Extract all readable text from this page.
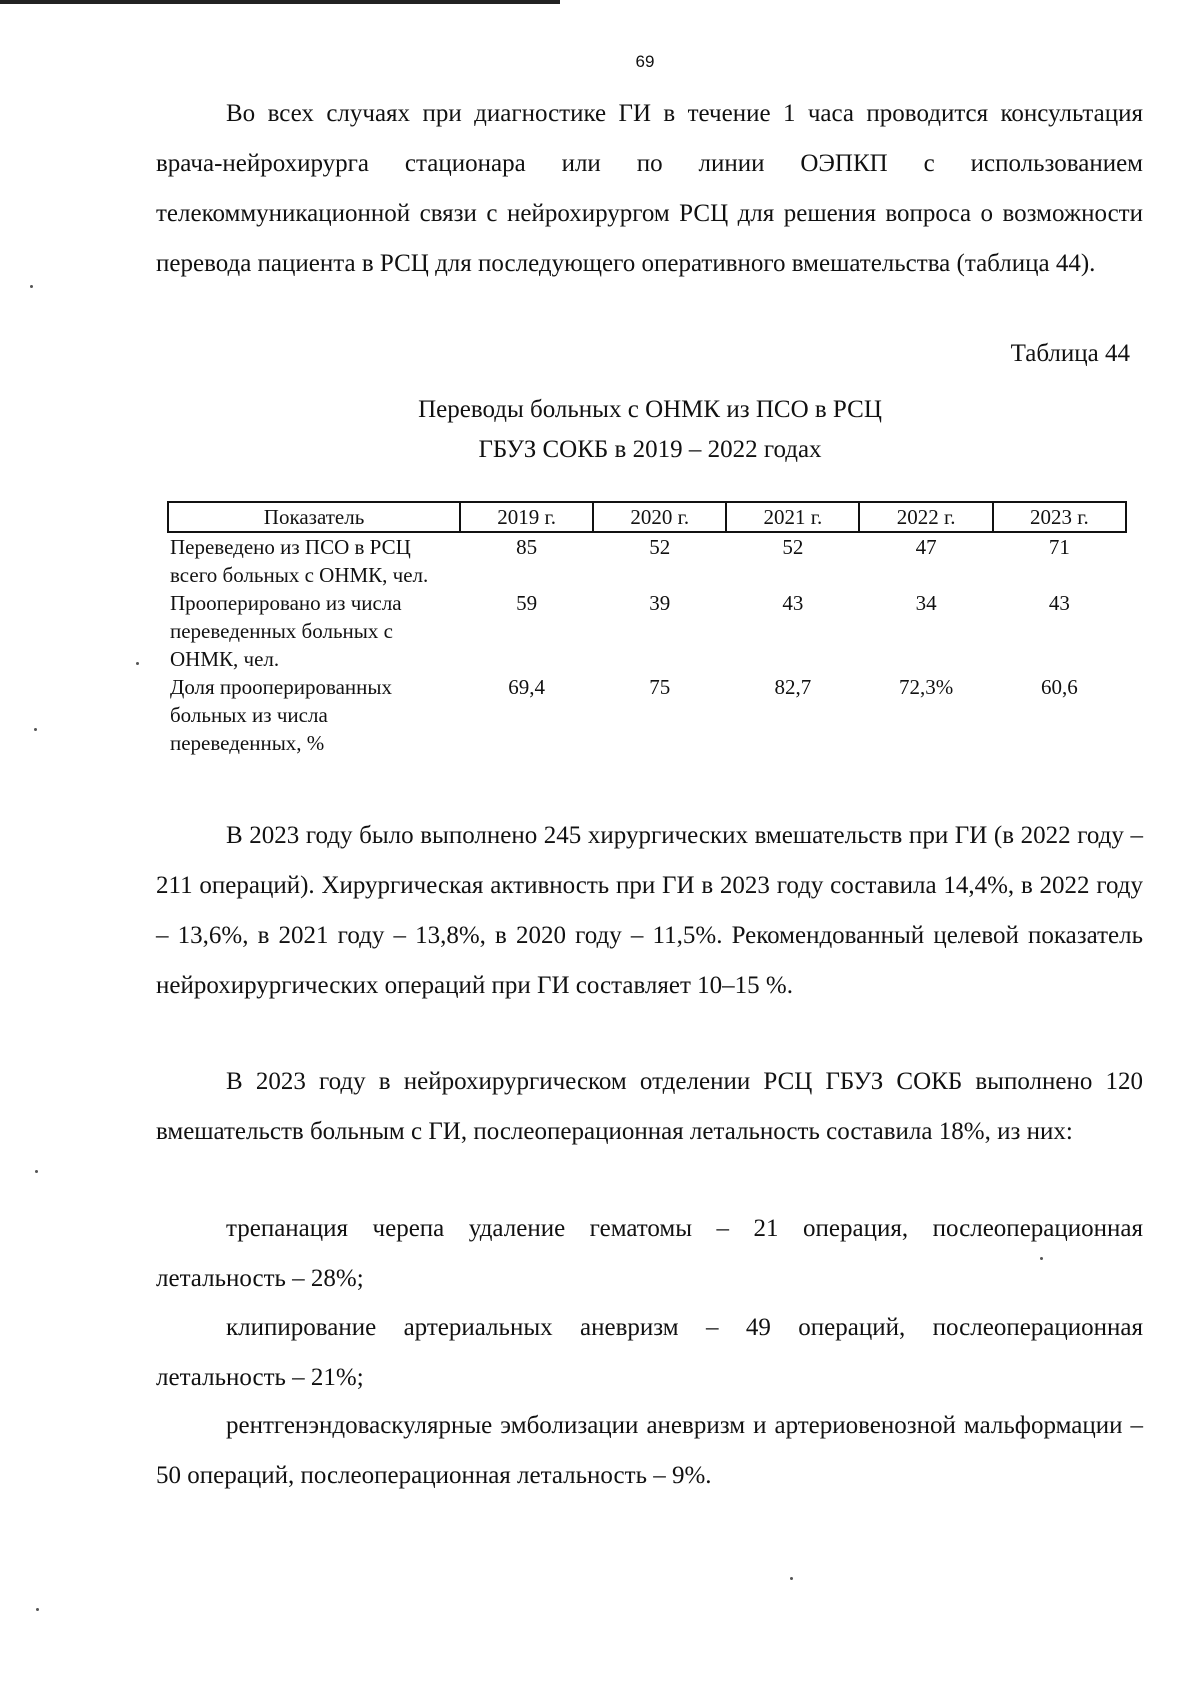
69

Во всех случаях при диагностике ГИ в течение 1 часа проводится консультация врача-нейрохирурга стационара или по линии ОЭПКП с использованием телекоммуникационной связи с нейрохирургом РСЦ для решения вопроса о возможности перевода пациента в РСЦ для последующего оперативного вмешательства (таблица 44).

Таблица 44
Переводы больных с ОНМК из ПСО в РСЦ
ГБУЗ СОКБ в 2019 – 2022 годах
Показатель	2019 г.	2020 г.	2021 г.	2022 г.	2023 г.
Переведено из ПСО в РСЦ всего больных с ОНМК, чел.	85	52	52	47	71
Прооперировано из числа переведенных больных с ОНМК, чел.	59	39	43	34	43
Доля прооперированных больных из числа переведенных, %	69,4	75	82,7	72,3%	60,6

В 2023 году было выполнено 245 хирургических вмешательств при ГИ (в 2022 году – 211 операций). Хирургическая активность при ГИ в 2023 году составила 14,4%, в 2022 году – 13,6%, в 2021 году – 13,8%, в 2020 году – 11,5%. Рекомендованный целевой показатель нейрохирургических операций при ГИ составляет 10–15 %.

В 2023 году в нейрохирургическом отделении РСЦ ГБУЗ СОКБ выполнено 120 вмешательств больным с ГИ, послеоперационная летальность составила 18%, из них:

трепанация черепа удаление гематомы – 21 операция, послеоперационная летальность – 28%;

клипирование артериальных аневризм – 49 операций, послеоперационная летальность – 21%;

рентгенэндоваскулярные эмболизации аневризм и артериовенозной мальформации – 50 операций, послеоперационная летальность – 9%.
